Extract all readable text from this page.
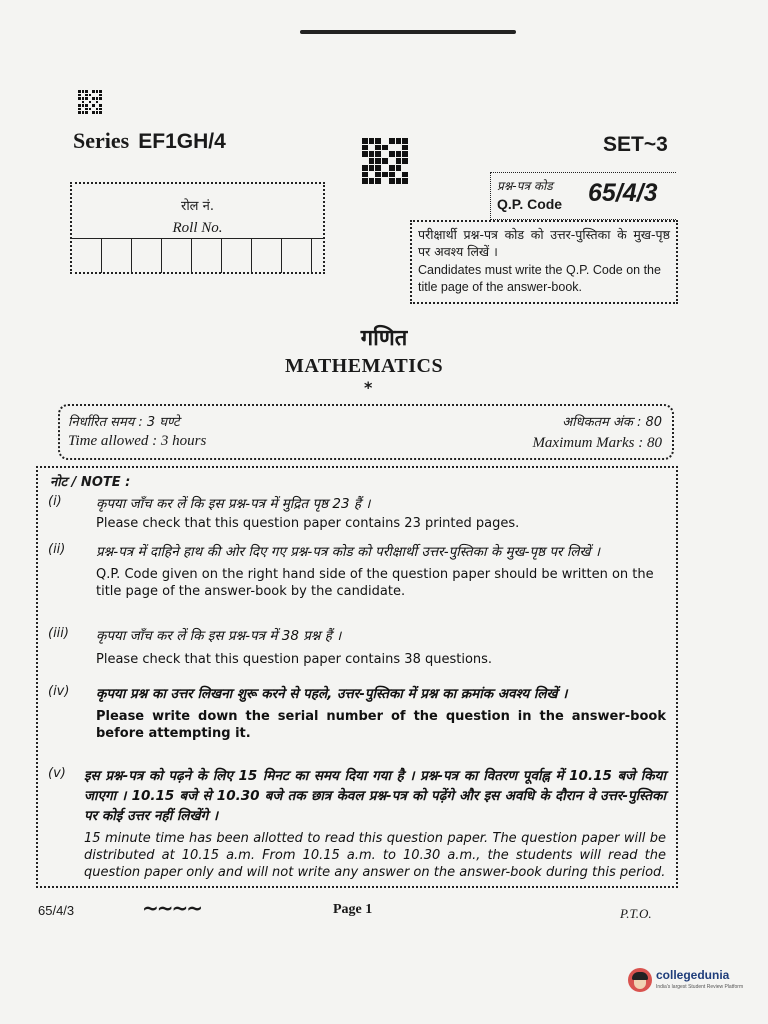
Series EF1GH/4	SET~3
रोल नं.
Roll No.
प्रश्न-पत्र कोड
Q.P. Code 65/4/3
परीक्षार्थी प्रश्न-पत्र कोड को उत्तर-पुस्तिका के मुख-पृष्ठ पर अवश्य लिखें ।
Candidates must write the Q.P. Code on the title page of the answer-book.
गणित
MATHEMATICS
*
निर्धारित समय : 3 घण्टे
Time allowed : 3 hours
अधिकतम अंक : 80
Maximum Marks : 80
नोट / NOTE :
(i)	कृपया जाँच कर लें कि इस प्रश्न-पत्र में मुद्रित पृष्ठ 23 हैं ।
Please check that this question paper contains 23 printed pages.
(ii) प्रश्न-पत्र में दाहिने हाथ की ओर दिए गए प्रश्न-पत्र कोड को परीक्षार्थी उत्तर-पुस्तिका के मुख-पृष्ठ पर लिखें ।
Q.P. Code given on the right hand side of the question paper should be written on the title page of the answer-book by the candidate.
(iii) कृपया जाँच कर लें कि इस प्रश्न-पत्र में 38 प्रश्न हैं ।
Please check that this question paper contains 38 questions.
(iv) कृपया प्रश्न का उत्तर लिखना शुरू करने से पहले, उत्तर-पुस्तिका में प्रश्न का क्रमांक अवश्य लिखें ।
Please write down the serial number of the question in the answer-book before attempting it.
(v) इस प्रश्न-पत्र को पढ़ने के लिए 15 मिनट का समय दिया गया है । प्रश्न-पत्र का वितरण पूर्वाह्न में 10.15 बजे किया जाएगा । 10.15 बजे से 10.30 बजे तक छात्र केवल प्रश्न-पत्र को पढ़ेंगे और इस अवधि के दौरान वे उत्तर-पुस्तिका पर कोई उत्तर नहीं लिखेंगे ।
15 minute time has been allotted to read this question paper. The question paper will be distributed at 10.15 a.m. From 10.15 a.m. to 10.30 a.m., the students will read the question paper only and will not write any answer on the answer-book during this period.
65/4/3	~~~~	Page 1	P.T.O.
collegedunia
India's largest Student Review Platform
